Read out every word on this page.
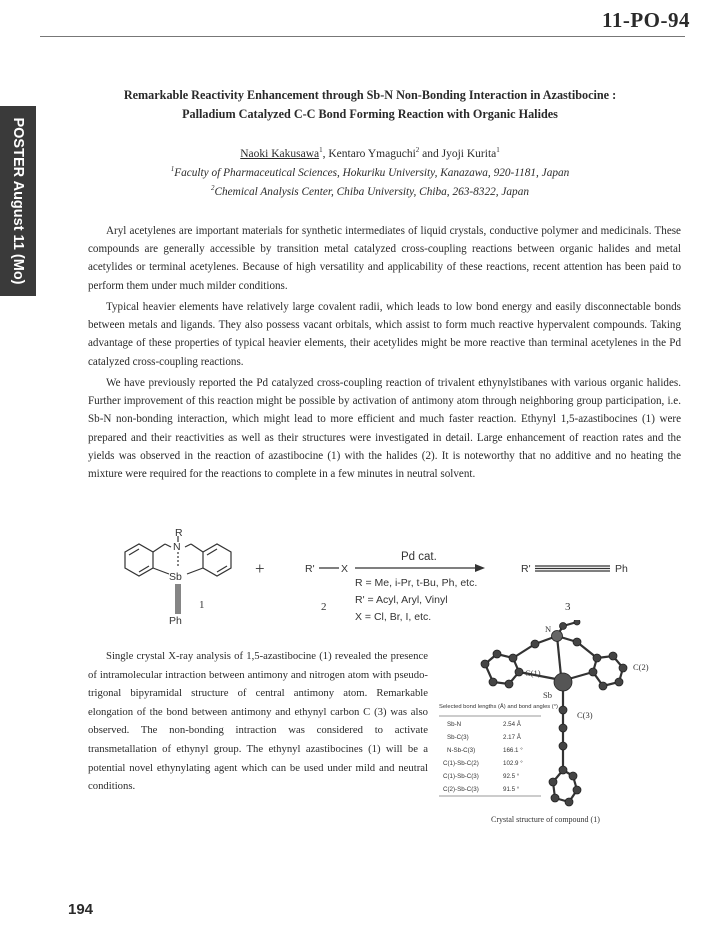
11-PO-94
POSTER August 11 (Mo)
Remarkable Reactivity Enhancement through Sb-N Non-Bonding Interaction in Azastibocine :
Palladium Catalyzed C-C Bond Forming Reaction with Organic Halides
Naoki Kakusawa$^1$, Kentaro Ymaguchi$^2$ and Jyoji Kurita$^1$
$^1$Faculty of Pharmaceutical Sciences, Hokuriku University, Kanazawa, 920-1181, Japan
$^2$Chemical Analysis Center, Chiba University, Chiba, 263-8322, Japan

Aryl acetylenes are important materials for synthetic intermediates of liquid crystals, conductive polymer and medicinals. These compounds are generally accessible by transition metal catalyzed cross-coupling reactions between organic halides and metal acetylides or terminal acetylenes. Because of high versatility and applicability of these reactions, recent attention has been paid to perform them under much milder conditions.

Typical heavier elements have relatively large covalent radii, which leads to low bond energy and easily disconnectable bonds between metals and ligands. They also possess vacant orbitals, which assist to form much reactive hypervalent compounds. Taking advantage of these properties of typical heavier elements, their acetylides might be more reactive than terminal acetylenes in the Pd catalyzed cross-coupling reactions.

We have previously reported the Pd catalyzed cross-coupling reaction of trivalent ethynylstibanes with various organic halides. Further improvement of this reaction might be possible by activation of antimony atom through neighboring group participation, i.e. Sb-N non-bonding interaction, which might lead to more efficient and much faster reaction. Ethynyl 1,5-azastibocines (1) were prepared and their reactivities as well as their structures were investigated in detail. Large enhancement of reaction rates and the yields was observed in the reaction of azastibocine (1) with the halides (2). It is noteworthy that no additive and no heating the mixture were required for the reactions to complete in a few minutes in neutral solvent.

R
N
Sb
Ph
R'	X
Pd cat.
R = Me, i-Pr, t-Bu, Ph, etc.
R' = Acyl, Aryl, Vinyl
X = Cl, Br, I, etc.
R'	Ph
+
1	2	3

Single crystal X-ray analysis of 1,5-azastibocine (1) revealed the presence of intramolecular intraction between antimony and nitrogen atom with pseudo-trigonal bipyramidal structure of central antimony atom. Remarkable elongation of the bond between antimony and ethynyl carbon C (3) was also observed. The non-bonding intraction was considered to activate transmetallation of ethynyl group. The ethynyl azastibocines (1) will be a potential novel ethynylating agent which can be used under mild and neutral conditions.

N
C(1)
C(2)
Sb
C(3)
Selected bond lengths (Å) and bond angles (°)
Sb-N	2.54 Å
Sb-C(3)	2.17 Å
N-Sb-C(3)	166.1 °
C(1)-Sb-C(2)	102.9 °
C(1)-Sb-C(3)	92.5 °
C(2)-Sb-C(3)	91.5 °
Crystal structure of compound (1)
194
